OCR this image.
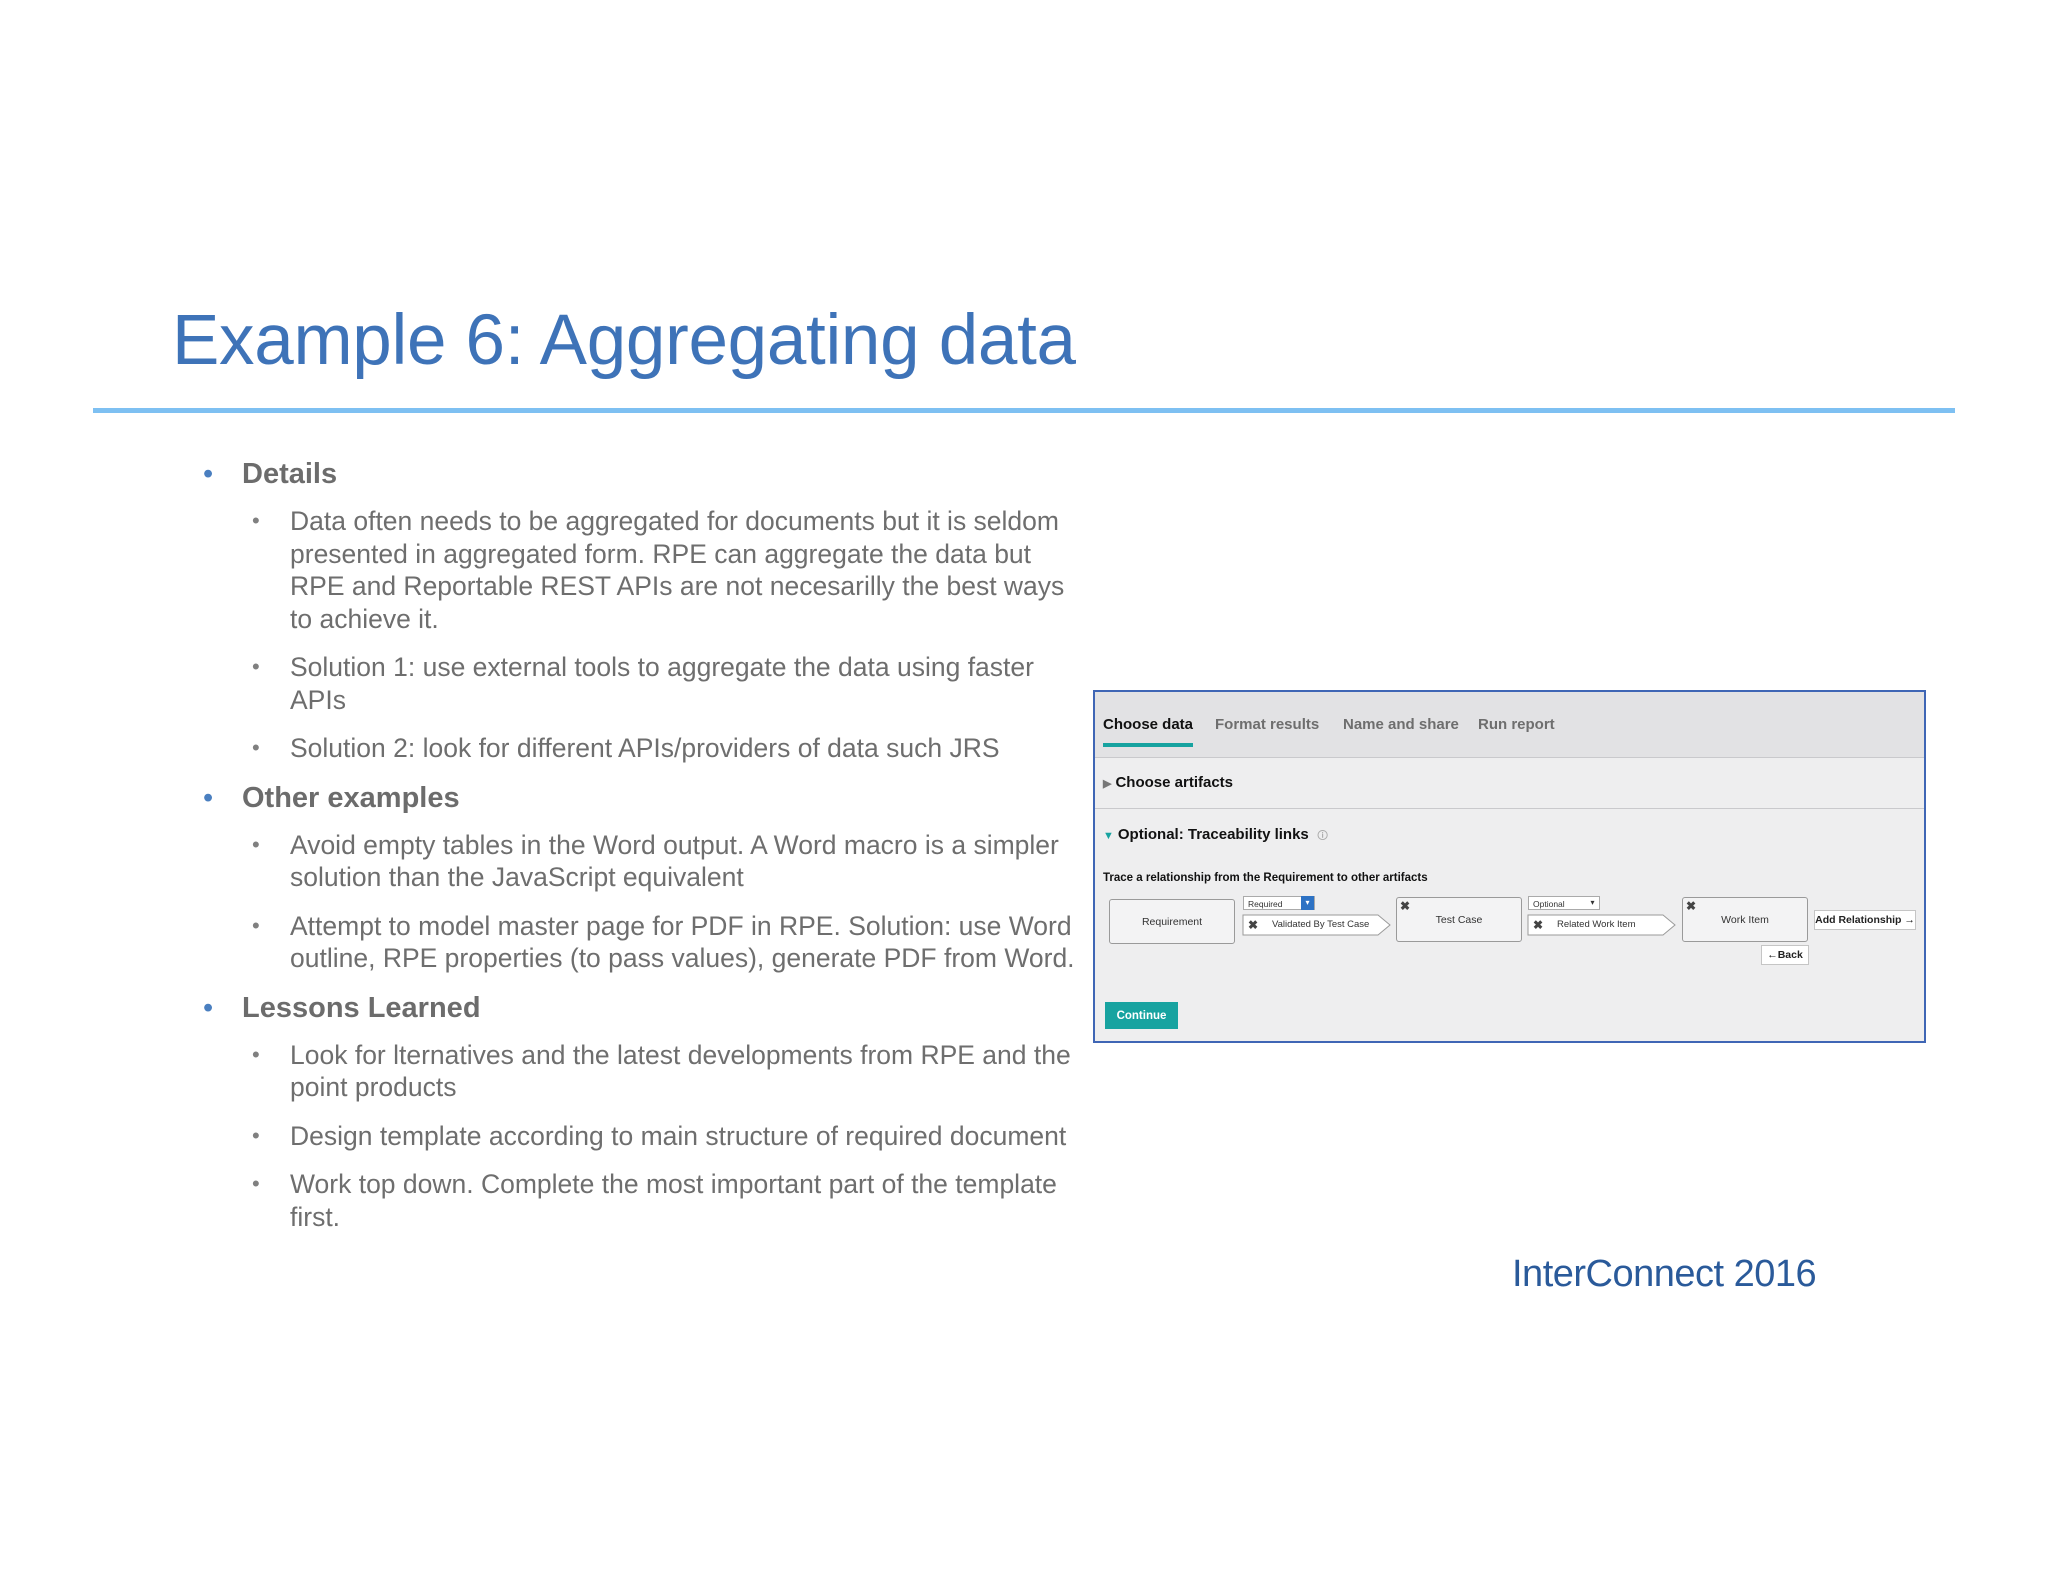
Example 6: Aggregating data
• Details
• Data often needs to be aggregated for documents but it is seldom presented in aggregated form. RPE can aggregate the data but RPE and Reportable REST APIs are not necesarilly the best ways to achieve it.
• Solution 1: use external tools to aggregate the data using faster APIs
• Solution 2: look for different APIs/providers of data such JRS
• Other examples
• Avoid empty tables in the Word output. A Word macro is a simpler solution than the JavaScript equivalent
• Attempt to model master page for PDF in RPE. Solution: use Word outline, RPE properties (to pass values), generate PDF from Word.
• Lessons Learned
• Look for lternatives and the latest developments from RPE and the point products
• Design template according to main structure of required document
• Work top down. Complete the most important part of the template first.
Choose data Format results Name and share Run report
▶ Choose artifacts
▼ Optional: Traceability links 🛈
Trace a relationship from the Requirement to other artifacts
Requirement
Required	▾
✖ Validated By Test Case
✖
Test Case
Optional	▾
✖ Related Work Item
✖
Work Item	Add Relationship →
←Back
Continue
InterConnect 2016
